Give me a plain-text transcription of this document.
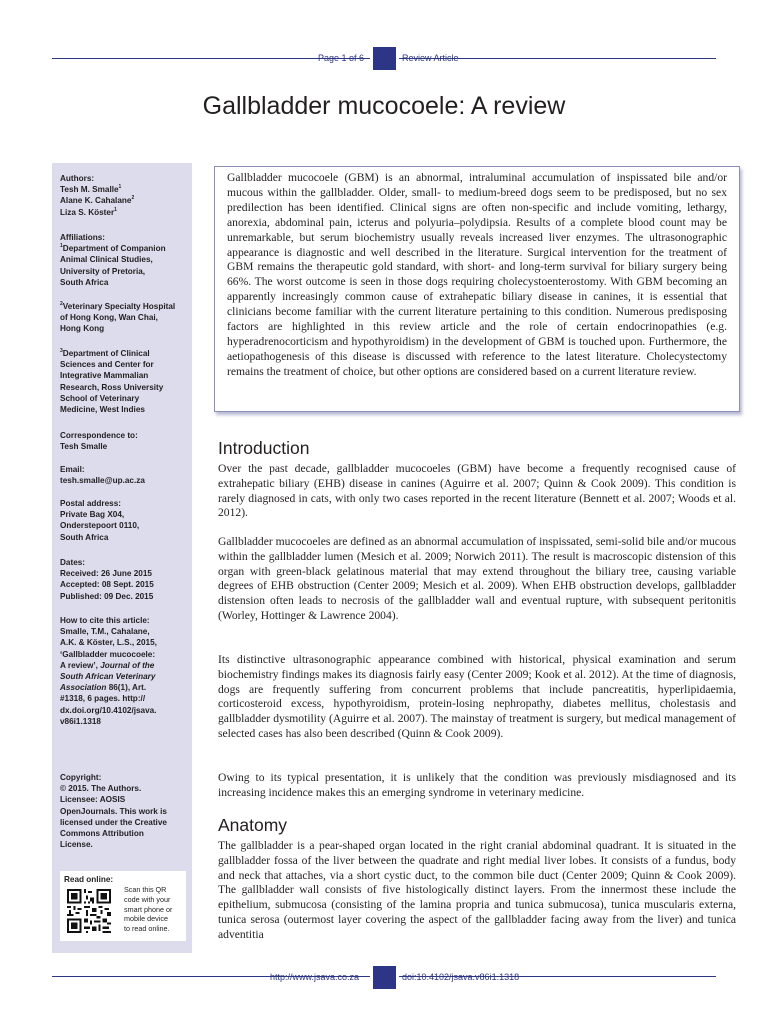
Page 1 of 6	Review Article
Gallbladder mucocoele: A review
Authors:
Tesh M. Smalle$^1$
Alane K. Cahalane$^2$
Liza S. Köster$^1$
Affiliations:
$^1$Department of Companion
Animal Clinical Studies,
University of Pretoria,
South Africa
$^2$Veterinary Specialty Hospital
of Hong Kong, Wan Chai,
Hong Kong
$^3$Department of Clinical
Sciences and Center for
Integrative Mammalian
Research, Ross University
School of Veterinary
Medicine, West Indies
Correspondence to:
Tesh Smalle
Email:
tesh.smalle@up.ac.za
Postal address:
Private Bag X04,
Onderstepoort 0110,
South Africa
Dates:
Received: 26 June 2015
Accepted: 08 Sept. 2015
Published: 09 Dec. 2015
How to cite this article:
Smalle, T.M., Cahalane,
A.K. & Köster, L.S., 2015,
‘Gallbladder mucocoele:
A review’, Journal of the
South African Veterinary
Association 86(1), Art.
#1318, 6 pages. http://
dx.doi.org/10.4102/jsava.
v86i1.1318
Copyright:
© 2015. The Authors.
Licensee: AOSIS
OpenJournals. This work is
licensed under the Creative
Commons Attribution
License.
Read online:
Scan this QR
code with your
smart phone or
mobile device
to read online.

Gallbladder mucocoele (GBM) is an abnormal, intraluminal accumulation of inspissated bile and/or mucous within the gallbladder. Older, small- to medium-breed dogs seem to be predisposed, but no sex predilection has been identified. Clinical signs are often non-specific and include vomiting, lethargy, anorexia, abdominal pain, icterus and polyuria–polydipsia. Results of a complete blood count may be unremarkable, but serum biochemistry usually reveals increased liver enzymes. The ultrasonographic appearance is diagnostic and well described in the literature. Surgical intervention for the treatment of GBM remains the therapeutic gold standard, with short- and long-term survival for biliary surgery being 66%. The worst outcome is seen in those dogs requiring cholecystoenterostomy. With GBM becoming an apparently increasingly common cause of extrahepatic biliary disease in canines, it is essential that clinicians become familiar with the current literature pertaining to this condition. Numerous predisposing factors are highlighted in this review article and the role of certain endocrinopathies (e.g. hyperadrenocorticism and hypothyroidism) in the development of GBM is touched upon. Furthermore, the aetiopathogenesis of this disease is discussed with reference to the latest literature. Cholecystectomy remains the treatment of choice, but other options are considered based on a current literature review.

Introduction

Over the past decade, gallbladder mucocoeles (GBM) have become a frequently recognised cause of extrahepatic biliary (EHB) disease in canines (Aguirre et al. 2007; Quinn & Cook 2009). This condition is rarely diagnosed in cats, with only two cases reported in the recent literature (Bennett et al. 2007; Woods et al. 2012).

Gallbladder mucocoeles are defined as an abnormal accumulation of inspissated, semi-solid bile and/or mucous within the gallbladder lumen (Mesich et al. 2009; Norwich 2011). The result is macroscopic distension of this organ with green-black gelatinous material that may extend throughout the biliary tree, causing variable degrees of EHB obstruction (Center 2009; Mesich et al. 2009). When EHB obstruction develops, gallbladder distension often leads to necrosis of the gallbladder wall and eventual rupture, with subsequent peritonitis (Worley, Hottinger & Lawrence 2004).

Its distinctive ultrasonographic appearance combined with historical, physical examination and serum biochemistry findings makes its diagnosis fairly easy (Center 2009; Kook et al. 2012). At the time of diagnosis, dogs are frequently suffering from concurrent problems that include pancreatitis, hyperlipidaemia, corticosteroid excess, hypothyroidism, protein-losing nephropathy, diabetes mellitus, cholestasis and gallbladder dysmotility (Aguirre et al. 2007). The mainstay of treatment is surgery, but medical management of selected cases has also been described (Quinn & Cook 2009).

Owing to its typical presentation, it is unlikely that the condition was previously misdiagnosed and its increasing incidence makes this an emerging syndrome in veterinary medicine.

Anatomy

The gallbladder is a pear-shaped organ located in the right cranial abdominal quadrant. It is situated in the gallbladder fossa of the liver between the quadrate and right medial liver lobes. It consists of a fundus, body and neck that attaches, via a short cystic duct, to the common bile duct (Center 2009; Quinn & Cook 2009). The gallbladder wall consists of five histologically distinct layers. From the innermost these include the epithelium, submucosa (consisting of the lamina propria and tunica submucosa), tunica muscularis externa, tunica serosa (outermost layer covering the aspect of the gallbladder facing away from the liver) and tunica adventitia

http://www.jsava.co.za	doi:10.4102/jsava.v86i1.1318
